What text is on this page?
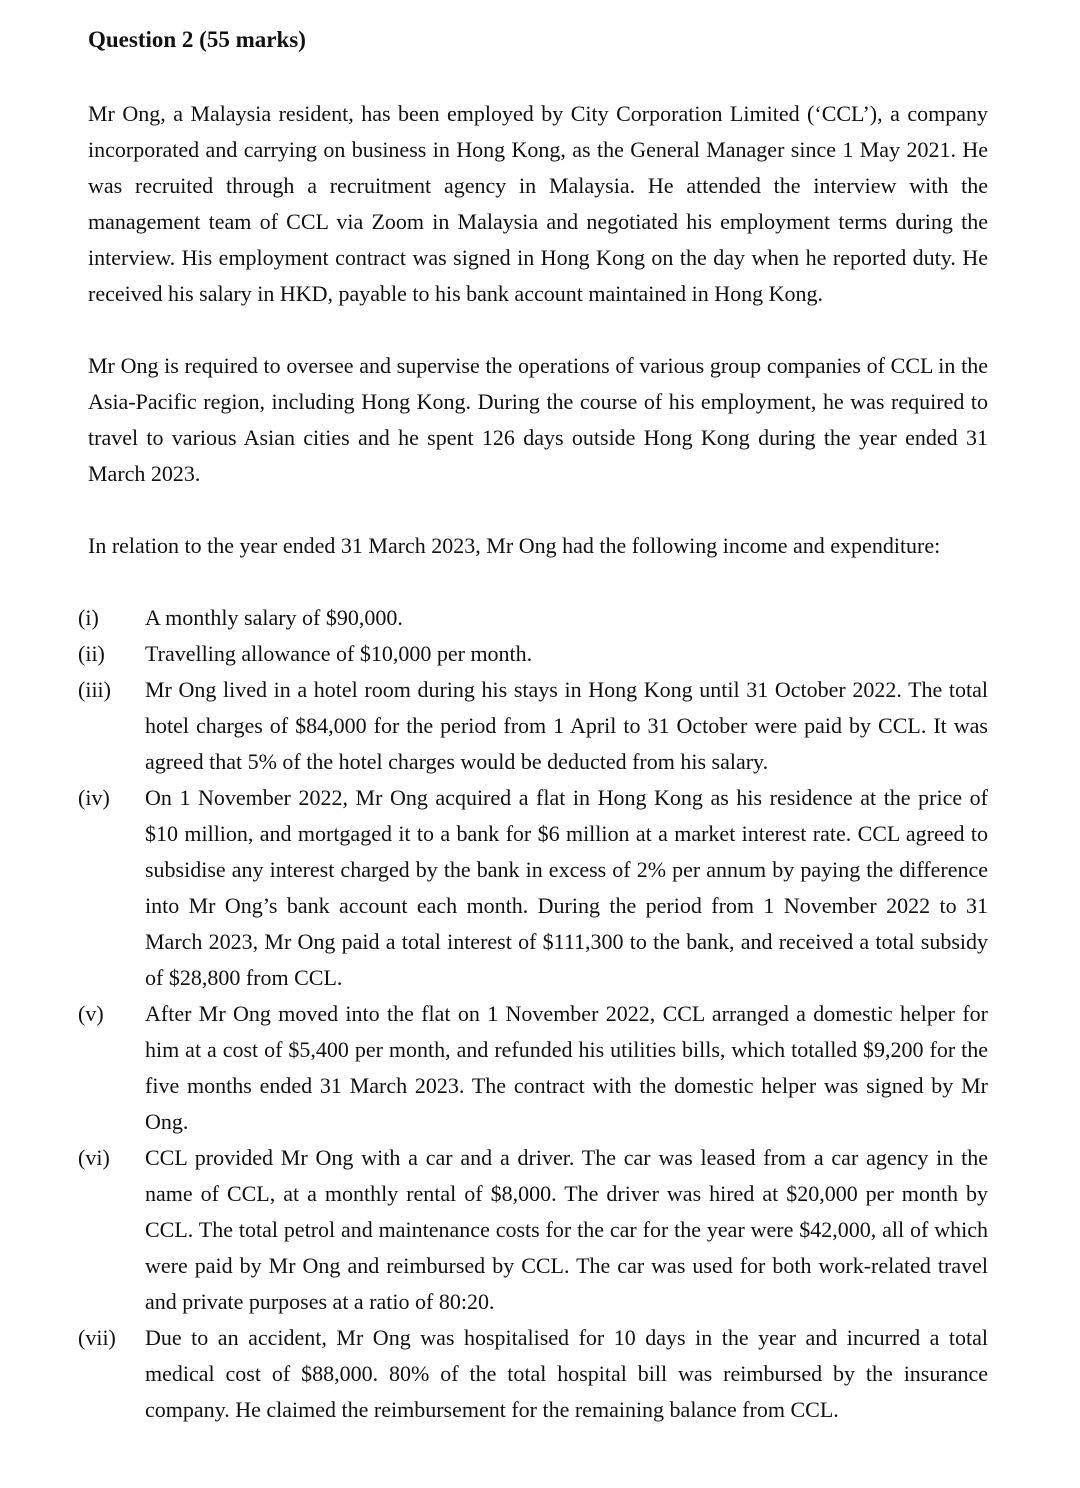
Question 2 (55 marks)

Mr Ong, a Malaysia resident, has been employed by City Corporation Limited (‘CCL’), a company incorporated and carrying on business in Hong Kong, as the General Manager since 1 May 2021. He was recruited through a recruitment agency in Malaysia. He attended the interview with the management team of CCL via Zoom in Malaysia and negotiated his employment terms during the interview. His employment contract was signed in Hong Kong on the day when he reported duty. He received his salary in HKD, payable to his bank account maintained in Hong Kong.

Mr Ong is required to oversee and supervise the operations of various group companies of CCL in the Asia-Pacific region, including Hong Kong. During the course of his employment, he was required to travel to various Asian cities and he spent 126 days outside Hong Kong during the year ended 31 March 2023.

In relation to the year ended 31 March 2023, Mr Ong had the following income and expenditure:

(i)	A monthly salary of $90,000.
(ii)	Travelling allowance of $10,000 per month.
(iii)	Mr Ong lived in a hotel room during his stays in Hong Kong until 31 October 2022. The total hotel charges of $84,000 for the period from 1 April to 31 October were paid by CCL. It was agreed that 5% of the hotel charges would be deducted from his salary.
(iv)	On 1 November 2022, Mr Ong acquired a flat in Hong Kong as his residence at the price of $10 million, and mortgaged it to a bank for $6 million at a market interest rate. CCL agreed to subsidise any interest charged by the bank in excess of 2% per annum by paying the difference into Mr Ong’s bank account each month. During the period from 1 November 2022 to 31 March 2023, Mr Ong paid a total interest of $111,300 to the bank, and received a total subsidy of $28,800 from CCL.
(v)	After Mr Ong moved into the flat on 1 November 2022, CCL arranged a domestic helper for him at a cost of $5,400 per month, and refunded his utilities bills, which totalled $9,200 for the five months ended 31 March 2023. The contract with the domestic helper was signed by Mr Ong.
(vi)	CCL provided Mr Ong with a car and a driver. The car was leased from a car agency in the name of CCL, at a monthly rental of $8,000. The driver was hired at $20,000 per month by CCL. The total petrol and maintenance costs for the car for the year were $42,000, all of which were paid by Mr Ong and reimbursed by CCL. The car was used for both work-related travel and private purposes at a ratio of 80:20.
(vii)	Due to an accident, Mr Ong was hospitalised for 10 days in the year and incurred a total medical cost of $88,000. 80% of the total hospital bill was reimbursed by the insurance company. He claimed the reimbursement for the remaining balance from CCL.
